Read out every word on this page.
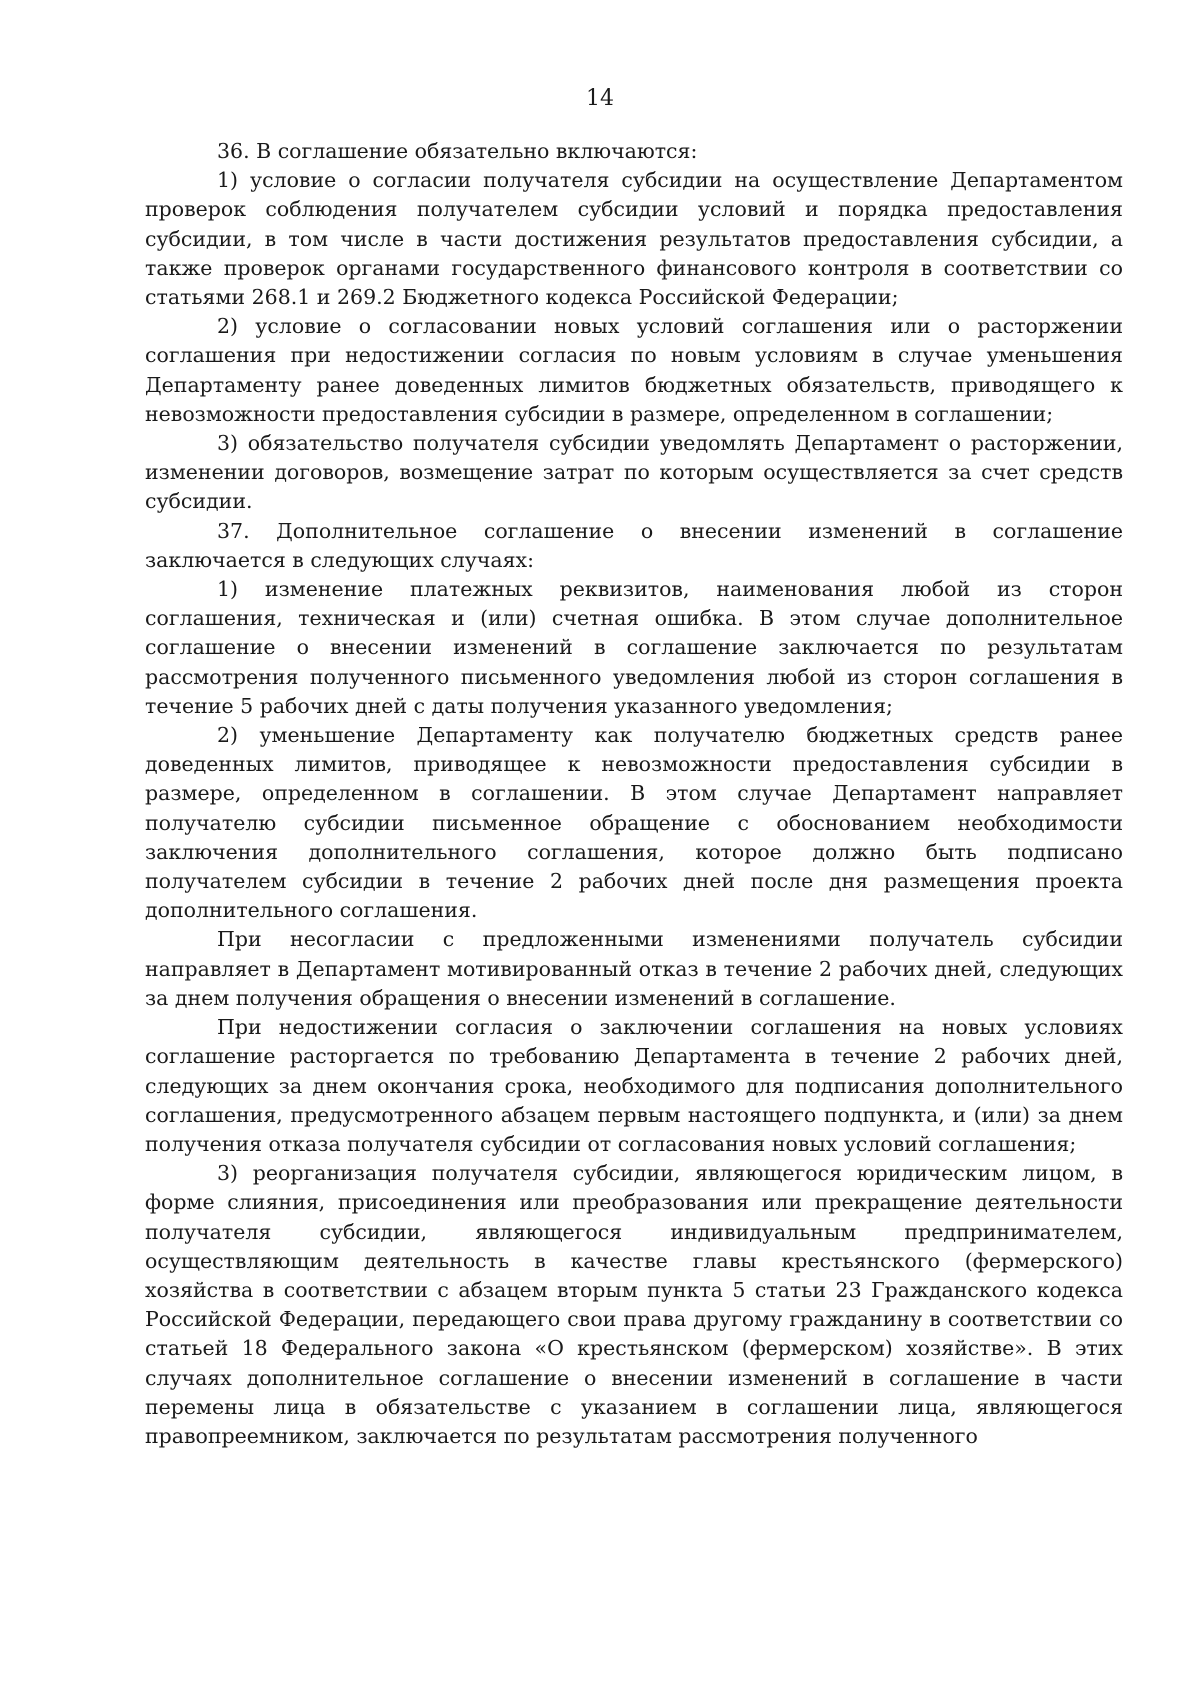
14

36. В соглашение обязательно включаются:

1) условие о согласии получателя субсидии на осуществление Департаментом проверок соблюдения получателем субсидии условий и порядка предоставления субсидии, в том числе в части достижения результатов предоставления субсидии, а также проверок органами государственного финансового контроля в соответствии со статьями 268.1 и 269.2 Бюджетного кодекса Российской Федерации;

2) условие о согласовании новых условий соглашения или о расторжении соглашения при недостижении согласия по новым условиям в случае уменьшения Департаменту ранее доведенных лимитов бюджетных обязательств, приводящего к невозможности предоставления субсидии в размере, определенном в соглашении;

3) обязательство получателя субсидии уведомлять Департамент о расторжении, изменении договоров, возмещение затрат по которым осуществляется за счет средств субсидии.

37. Дополнительное соглашение о внесении изменений в соглашение заключается в следующих случаях:

1) изменение платежных реквизитов, наименования любой из сторон соглашения, техническая и (или) счетная ошибка. В этом случае дополнительное соглашение о внесении изменений в соглашение заключается по результатам рассмотрения полученного письменного уведомления любой из сторон соглашения в течение 5 рабочих дней с даты получения указанного уведомления;

2) уменьшение Департаменту как получателю бюджетных средств ранее доведенных лимитов, приводящее к невозможности предоставления субсидии в размере, определенном в соглашении. В этом случае Департамент направляет получателю субсидии письменное обращение с обоснованием необходимости заключения дополнительного соглашения, которое должно быть подписано получателем субсидии в течение 2 рабочих дней после дня размещения проекта дополнительного соглашения.

При несогласии с предложенными изменениями получатель субсидии направляет в Департамент мотивированный отказ в течение 2 рабочих дней, следующих за днем получения обращения о внесении изменений в соглашение.

При недостижении согласия о заключении соглашения на новых условиях соглашение расторгается по требованию Департамента в течение 2 рабочих дней, следующих за днем окончания срока, необходимого для подписания дополнительного соглашения, предусмотренного абзацем первым настоящего подпункта, и (или) за днем получения отказа получателя субсидии от согласования новых условий соглашения;

3) реорганизация получателя субсидии, являющегося юридическим лицом, в форме слияния, присоединения или преобразования или прекращение деятельности получателя субсидии, являющегося индивидуальным предпринимателем, осуществляющим деятельность в качестве главы крестьянского (фермерского) хозяйства в соответствии с абзацем вторым пункта 5 статьи 23 Гражданского кодекса Российской Федерации, передающего свои права другому гражданину в соответствии со статьей 18 Федерального закона «О крестьянском (фермерском) хозяйстве». В этих случаях дополнительное соглашение о внесении изменений в соглашение в части перемены лица в обязательстве с указанием в соглашении лица, являющегося правопреемником, заключается по результатам рассмотрения полученного
